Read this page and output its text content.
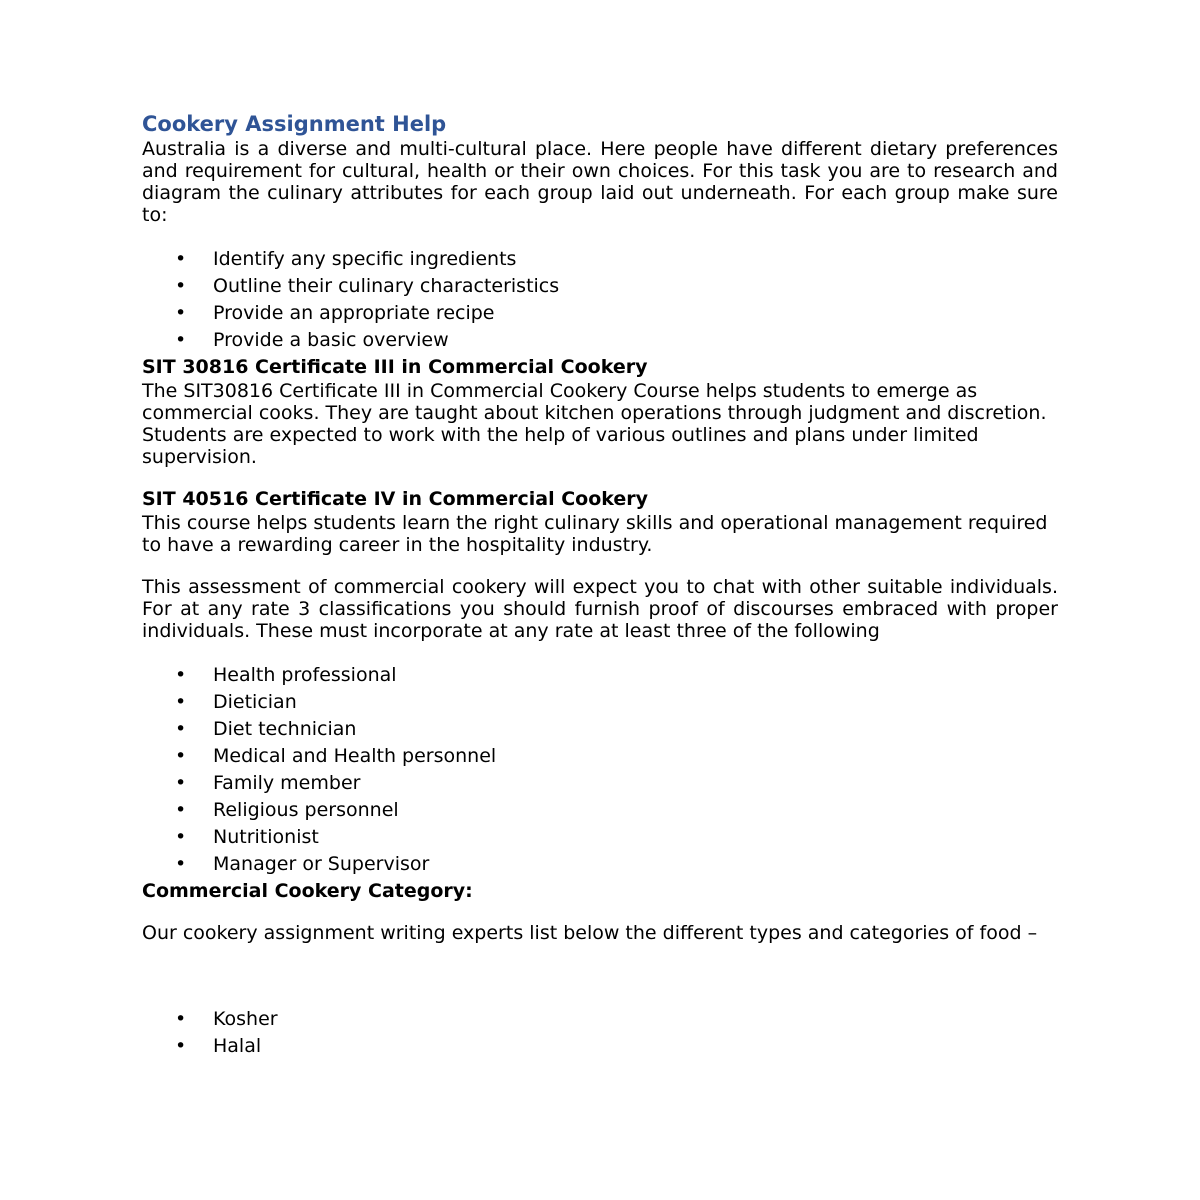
Cookery Assignment Help

Australia is a diverse and multi-cultural place. Here people have different dietary preferences and requirement for cultural, health or their own choices. For this task you are to research and diagram the culinary attributes for each group laid out underneath. For each group make sure to:

• Identify any specific ingredients
• Outline their culinary characteristics
• Provide an appropriate recipe
• Provide a basic overview
SIT 30816 Certificate III in Commercial Cookery

The SIT30816 Certificate III in Commercial Cookery Course helps students to emerge as commercial cooks. They are taught about kitchen operations through judgment and discretion. Students are expected to work with the help of various outlines and plans under limited supervision.

SIT 40516 Certificate IV in Commercial Cookery

This course helps students learn the right culinary skills and operational management required to have a rewarding career in the hospitality industry.

This assessment of commercial cookery will expect you to chat with other suitable individuals. For at any rate 3 classifications you should furnish proof of discourses embraced with proper individuals. These must incorporate at any rate at least three of the following

• Health professional
• Dietician
• Diet technician
• Medical and Health personnel
• Family member
• Religious personnel
• Nutritionist
• Manager or Supervisor
Commercial Cookery Category:

Our cookery assignment writing experts list below the different types and categories of food –

• Kosher
• Halal
